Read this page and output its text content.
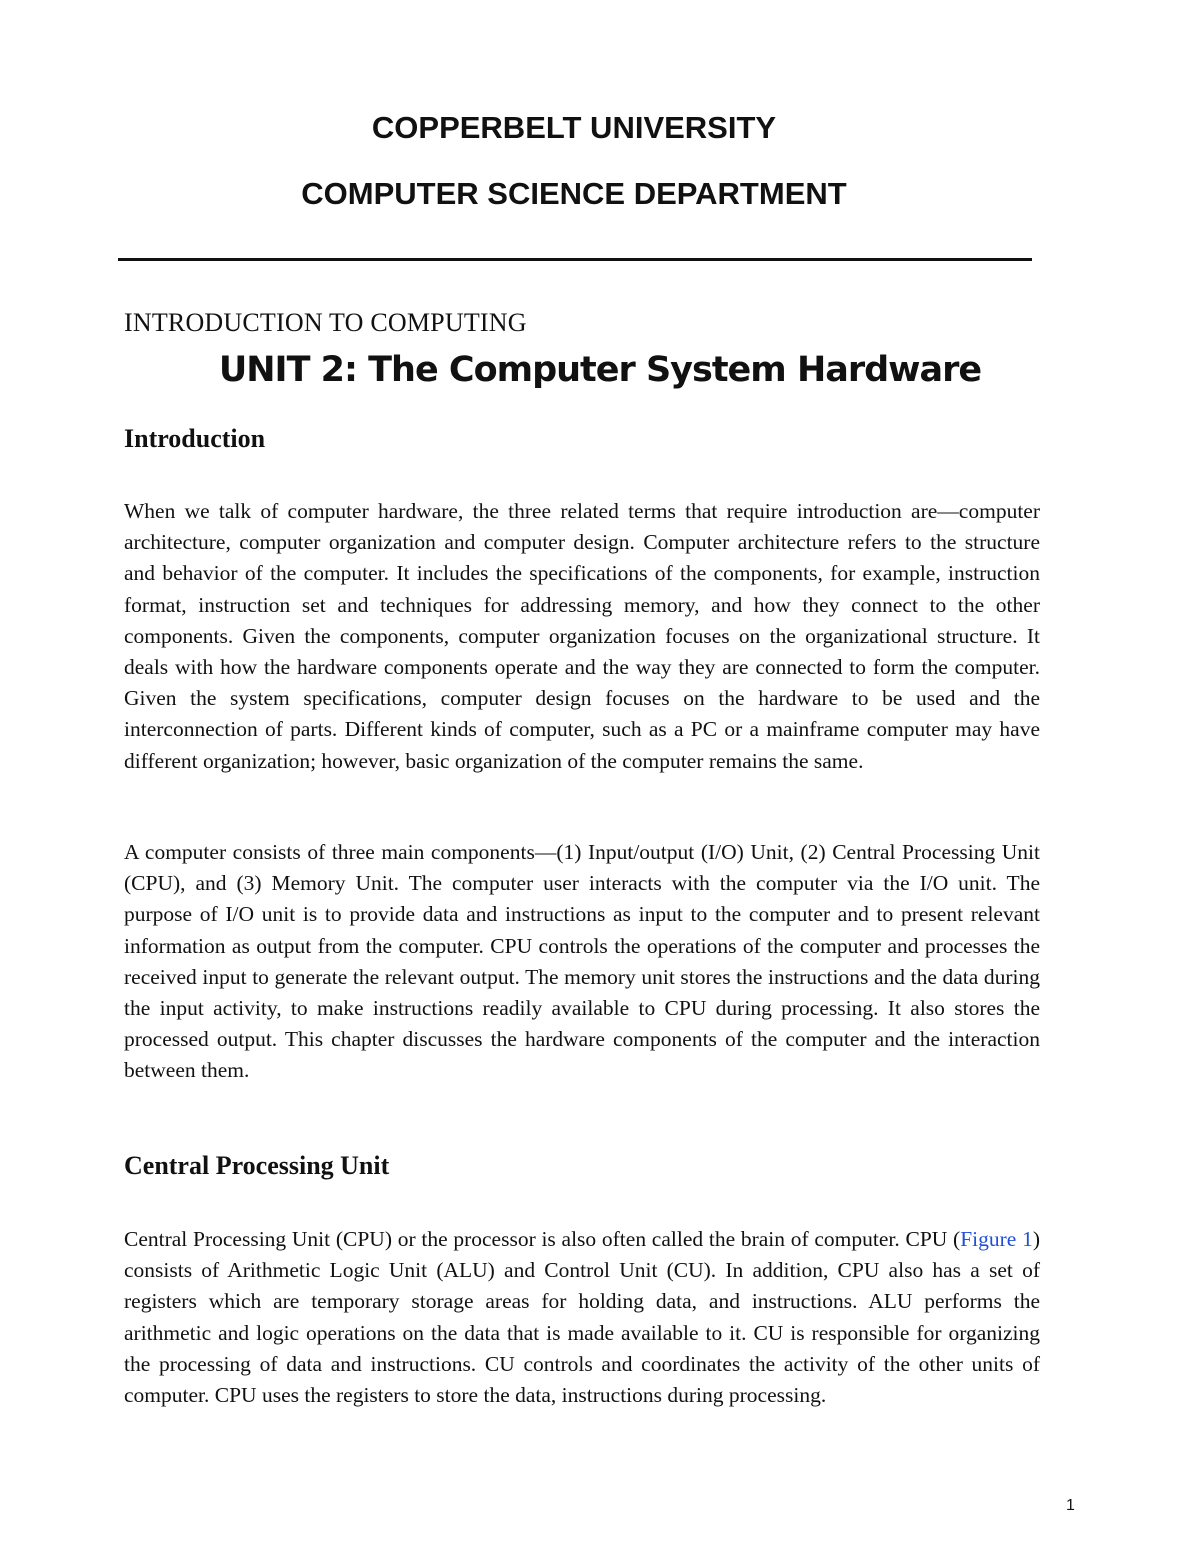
COPPERBELT UNIVERSITY
COMPUTER SCIENCE DEPARTMENT

INTRODUCTION TO COMPUTING

UNIT 2: The Computer System Hardware
Introduction

When we talk of computer hardware, the three related terms that require introduction are—computer architecture, computer organization and computer design. Computer architecture refers to the structure and behavior of the computer. It includes the specifications of the components, for example, instruction format, instruction set and techniques for addressing memory, and how they connect to the other components. Given the components, computer organization focuses on the organizational structure. It deals with how the hardware components operate and the way they are connected to form the computer. Given the system specifications, computer design focuses on the hardware to be used and the interconnection of parts. Different kinds of computer, such as a PC or a mainframe computer may have different organization; however, basic organization of the computer remains the same.

A computer consists of three main components—(1) Input/output (I/O) Unit, (2) Central Processing Unit (CPU), and (3) Memory Unit. The computer user interacts with the computer via the I/O unit. The purpose of I/O unit is to provide data and instructions as input to the computer and to present relevant information as output from the computer. CPU controls the operations of the computer and processes the received input to generate the relevant output. The memory unit stores the instructions and the data during the input activity, to make instructions readily available to CPU during processing. It also stores the processed output. This chapter discusses the hardware components of the computer and the interaction between them.

Central Processing Unit

Central Processing Unit (CPU) or the processor is also often called the brain of computer. CPU (Figure 1) consists of Arithmetic Logic Unit (ALU) and Control Unit (CU). In addition, CPU also has a set of registers which are temporary storage areas for holding data, and instructions. ALU performs the arithmetic and logic operations on the data that is made available to it. CU is responsible for organizing the processing of data and instructions. CU controls and coordinates the activity of the other units of computer. CPU uses the registers to store the data, instructions during processing.

1
